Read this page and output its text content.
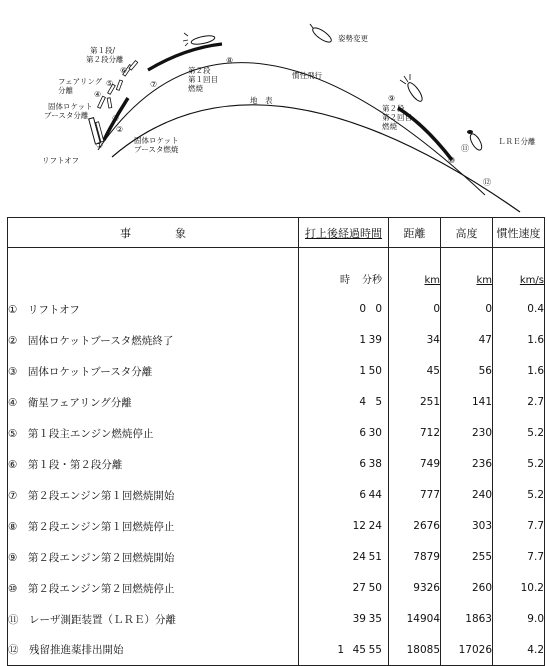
①
②
③
④
⑤
⑥
⑦
⑧
⑨
⑩
⑪
⑫
リフトオフ
固体ロケット
ブースタ燃焼
固体ロケット
ブースタ分離
フェアリング
分離
第１段/
第２段分離
第２段
第１回目
燃焼
地　表
慣性飛行
姿勢変更
第２段
第２回目
燃焼
ＬＲＥ分離
事　　　　象	打上後経過時間	距離	高度	慣性速度

	時 分 秒	km	km	km/s
①　 リフトオフ	0 0	0	0	0.4
②　 固体ロケットブースタ燃焼終了	1 39	34	47	1.6
③　 固体ロケットブースタ分離	1 50	45	56	1.6
④　 衛星フェアリング分離	4 5	251	141	2.7
⑤　 第１段主エンジン燃焼停止	6 30	712	230	5.2
⑥　 第１段・第２段分離	6 38	749	236	5.2
⑦　 第２段エンジン第１回燃焼開始	6 44	777	240	5.2
⑧　 第２段エンジン第１回燃焼停止	12 24	2676	303	7.7
⑨　 第２段エンジン第２回燃焼開始	24 51	7879	255	7.7
⑩　 第２段エンジン第２回燃焼停止	27 50	9326	260	10.2
⑪　 レーザ測距装置（ＬＲＥ）分離	39 35	14904	1863	9.0
⑫　 残留推進薬排出開始	1 45 55	18085	17026	4.2
